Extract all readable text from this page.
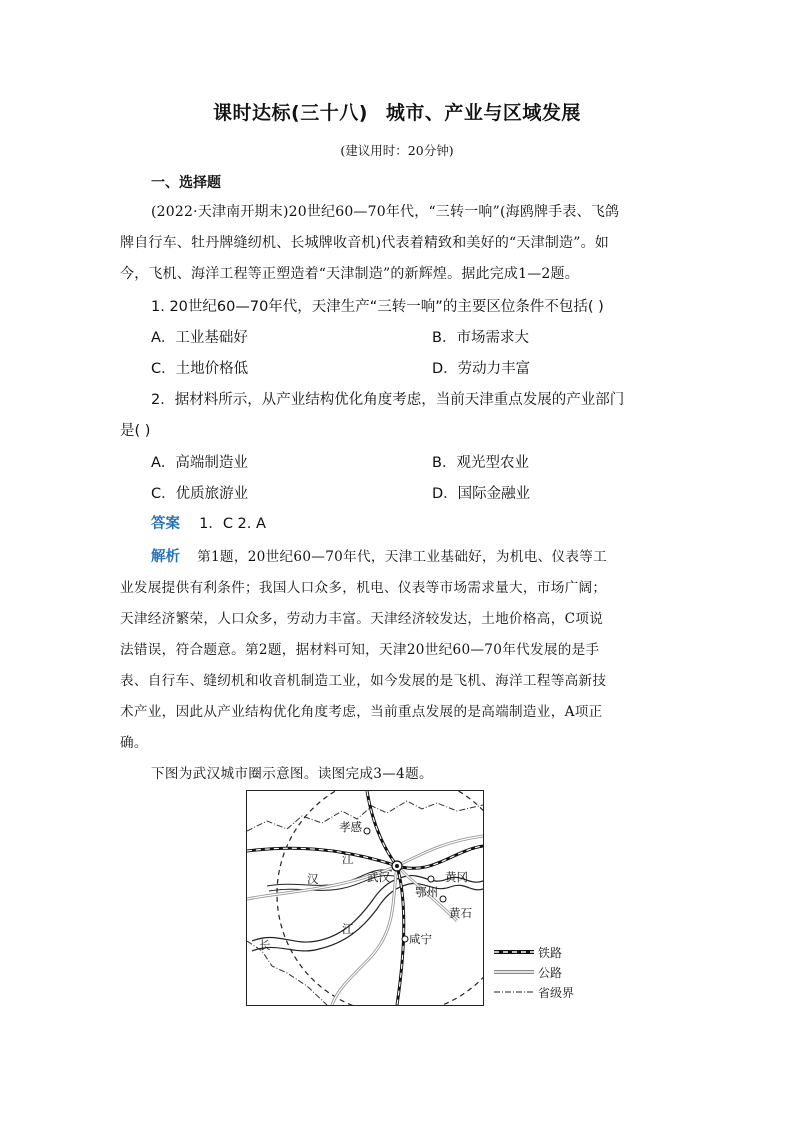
课时达标(三十八) 城市、产业与区域发展
(建议用时：20分钟)
一、选择题
(2022·天津南开期末)20世纪60—70年代，“三转一响”(海鸥牌手表、飞鸽
牌自行车、牡丹牌缝纫机、长城牌收音机)代表着精致和美好的“天津制造”。如
今，飞机、海洋工程等正塑造着“天津制造”的新辉煌。据此完成1—2题。
1. 20世纪60—70年代，天津生产“三转一响”的主要区位条件不包括( )
A．工业基础好	B．市场需求大
C．土地价格低	D．劳动力丰富
2．据材料所示，从产业结构优化角度考虑，当前天津重点发展的产业部门
是( )
A．高端制造业	B．观光型农业
C．优质旅游业	D．国际金融业
答案 1．C 2. A
解析 第1题，20世纪60—70年代，天津工业基础好，为机电、仪表等工
业发展提供有利条件；我国人口众多，机电、仪表等市场需求量大，市场广阔；
天津经济繁荣，人口众多，劳动力丰富。天津经济较发达，土地价格高，C项说
法错误，符合题意。第2题，据材料可知，天津20世纪60—70年代发展的是手
表、自行车、缝纫机和收音机制造工业，如今发展的是飞机、海洋工程等高新技
术产业，因此从产业结构优化角度考虑，当前重点发展的是高端制造业，A项正
确。
下图为武汉城市圈示意图。读图完成3—4题。
孝感
江
汉	武汉
鄂州
黄冈
黄石
江
长	咸宁
铁路
公路
省级界
